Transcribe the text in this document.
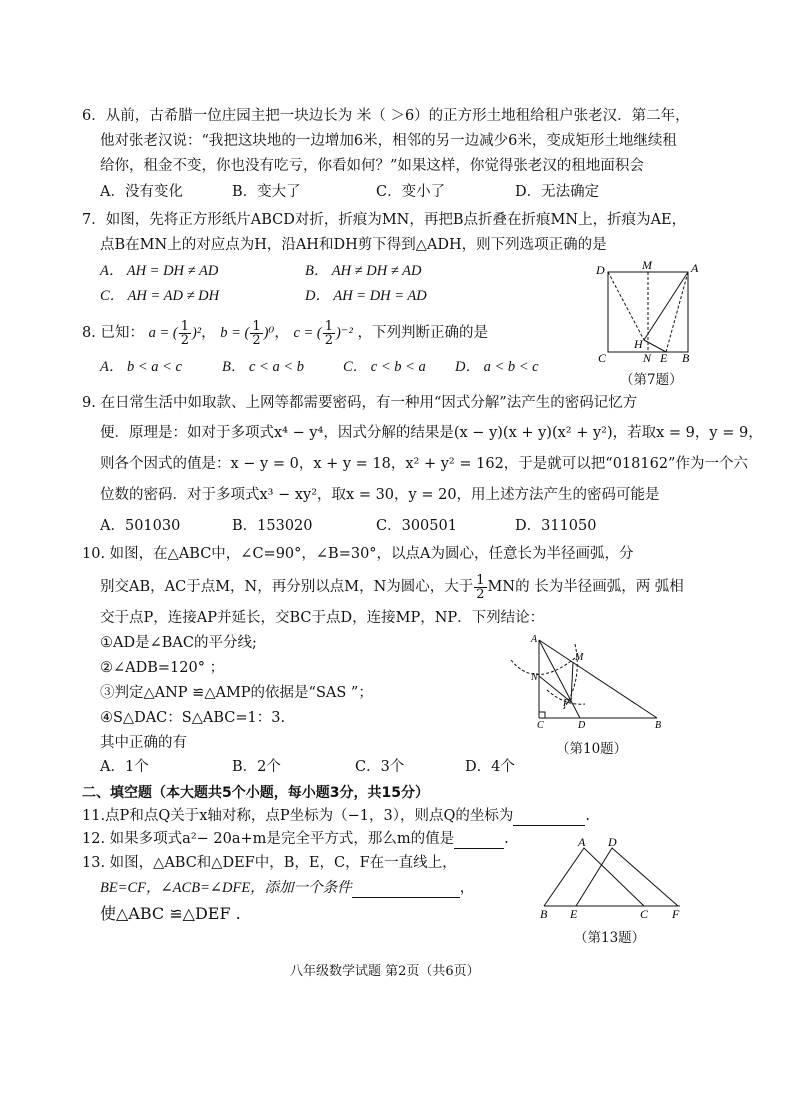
6．从前，古希腊一位庄园主把一块边长为 米（ ＞6）的正方形土地租给租户张老汉．第二年，
他对张老汉说：“我把这块地的一边增加6米，相邻的另一边减少6米，变成矩形土地继续租
给你，租金不变，你也没有吃亏，你看如何？”如果这样，你觉得张老汉的租地面积会
A．没有变化	B．变大了	C．变小了	D．无法确定
7．如图，先将正方形纸片ABCD对折，折痕为MN，再把B点折叠在折痕MN上，折痕为AE，
点B在MN上的对应点为H，沿AH和DH剪下得到△ADH，则下列选项正确的是
A． AH = DH ≠ AD	B． AH ≠ DH ≠ AD
C． AH = AD ≠ DH	D． AH = DH = AD
D	M	A
C
H
N E B
（第7题）
8. 已知： a = ( $\frac{1}{2} )^2$， b = ( $\frac{1}{2} )^0$， c = ( $\frac{1}{2} )^{-2}$ ，下列判断正确的是
A． b < a < c	B． c < a < b	C． c < b < a D． a < b < c
9. 在日常生活中如取款、上网等都需要密码，有一种用“因式分解”法产生的密码记忆方
便．原理是：如对于多项式x⁴ − y⁴，因式分解的结果是(x − y)(x + y)(x² + y²)，若取x = 9，y = 9，
则各个因式的值是：x − y = 0，x + y = 18，x² + y² = 162，于是就可以把“018162”作为一个六
位数的密码．对于多项式x³ − xy²，取x = 30，y = 20，用上述方法产生的密码可能是
A．501030	B．153020	C．300501	D．311050
10. 如图，在△ABC中，∠C=90°，∠B=30°，以点A为圆心，任意长为半径画弧，分
别交AB，AC于点M，N，再分别以点M，N为圆心，大于 $\frac{1}{2}$ MN的 长为半径画弧，两 弧相
交于点P，连接AP并延长，交BC于点D，连接MP，NP．下列结论：
①AD是∠BAC的平分线;
②∠ADB=120° ；
③判定△ANP ≌△AMP的依据是“SAS ”；
④S△DAC：S△ABC=1：3.
其中正确的有
A．1个	B．2个	C．3个	D．4个
A
M
N
P
C	D	B
（第10题）
二、填空题（本大题共5个小题，每小题3分，共15分）
11.点P和点Q关于x轴对称，点P坐标为（−1，3），则点Q的坐标为	.
12. 如果多项式a²− 20a+m是完全平方式，那么m的值是	.
13. 如图，△ABC和△DEF中，B，E，C，F在一直线上，
BE=CF，∠ACB=∠DFE，添加一个条件	，
使△ABC ≌△DEF .
A D
B E	C F
（第13题）
八年级数学试题 第2页（共6页）
